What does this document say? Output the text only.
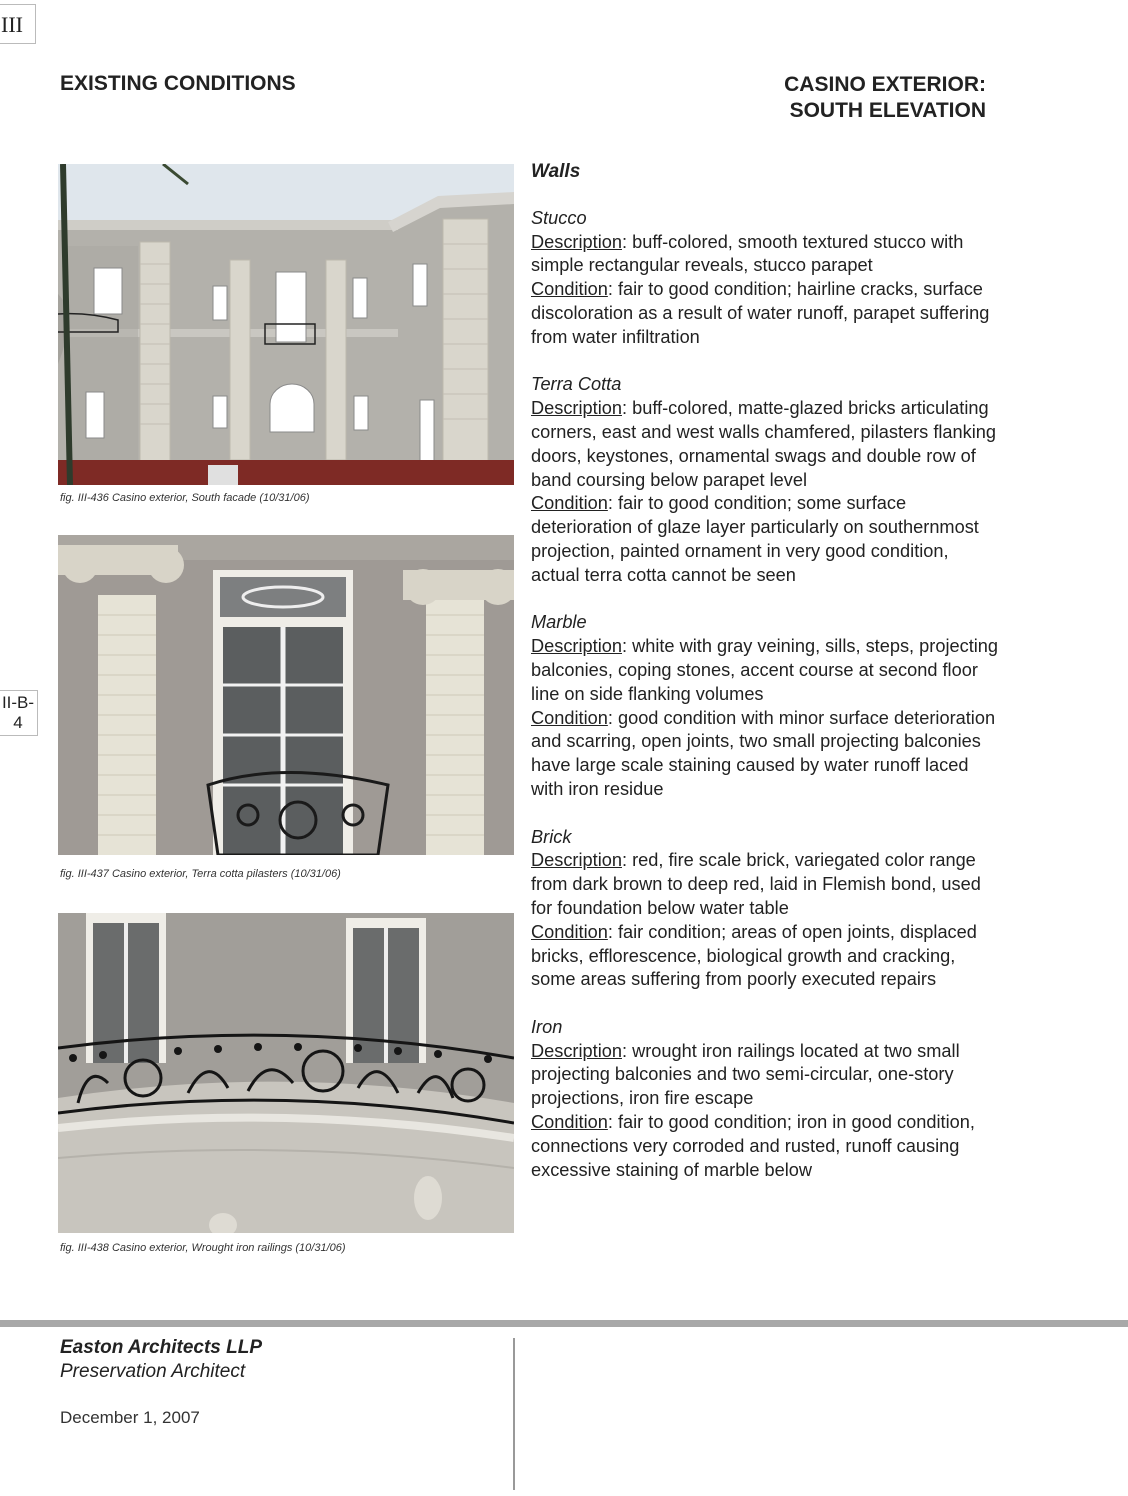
III
II-B-
4
EXISTING CONDITIONS	CASINO EXTERIOR:
SOUTH ELEVATION
fig. III-436 Casino exterior, South facade (10/31/06)
fig. III-437 Casino exterior, Terra cotta pilasters (10/31/06)
fig. III-438 Casino exterior, Wrought iron railings (10/31/06)
Walls
Stucco
Description: buff-colored, smooth textured stucco with simple rectangular reveals, stucco parapet
Condition: fair to good condition; hairline cracks, surface discoloration as a result of water runoff, parapet suffering from water infiltration
Terra Cotta
Description: buff-colored, matte-glazed bricks articulating corners, east and west walls chamfered, pilasters flanking doors, keystones, ornamental swags and double row of band coursing below parapet level
Condition: fair to good condition; some surface deterioration of glaze layer particularly on southernmost projection, painted ornament in very good condition, actual terra cotta cannot be seen
Marble
Description: white with gray veining, sills, steps, projecting balconies, coping stones, accent course at second floor line on side flanking volumes
Condition: good condition with minor surface deterioration and scarring, open joints, two small projecting balconies have large scale staining caused by water runoff laced with iron residue
Brick
Description: red, fire scale brick, variegated color range from dark brown to deep red, laid in Flemish bond, used for foundation below water table
Condition: fair condition; areas of open joints, displaced bricks, efflorescence, biological growth and cracking, some areas suffering from poorly executed repairs
Iron
Description: wrought iron railings located at two small projecting balconies and two semi-circular, one-story projections, iron fire escape
Condition: fair to good condition; iron in good condition, connections very corroded and rusted, runoff causing excessive staining of marble below
Easton Architects LLP
Preservation Architect
December 1, 2007
